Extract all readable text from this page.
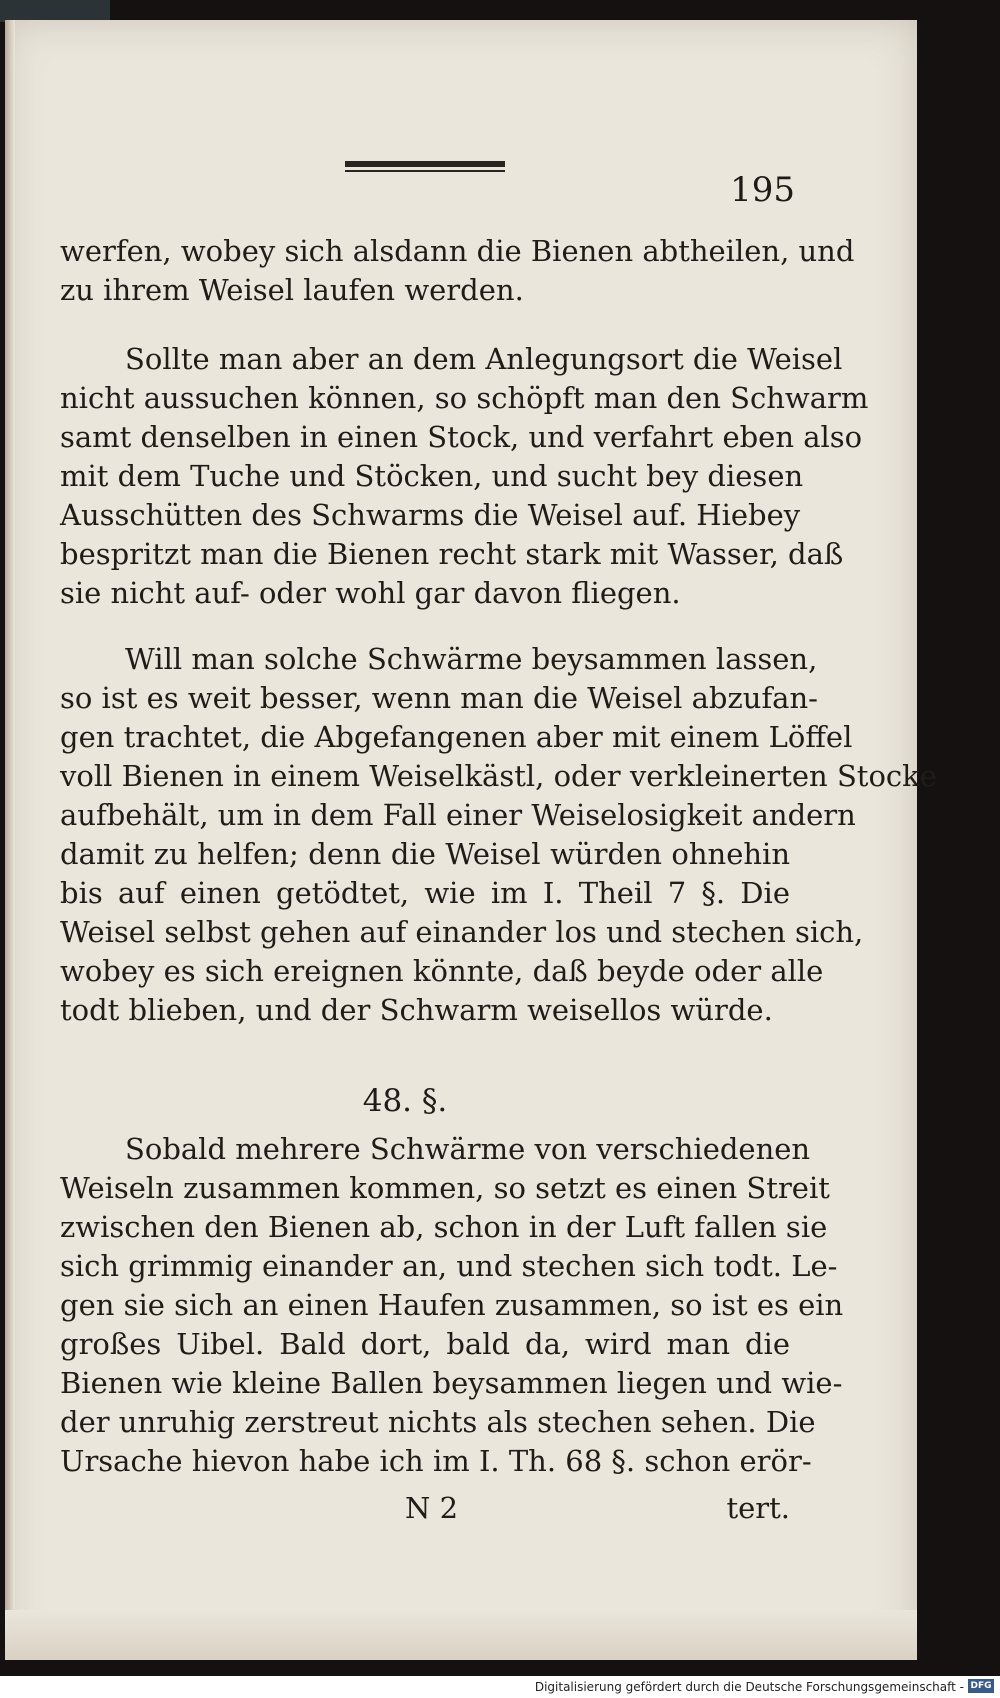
195
werfen, wobey sich alsdann die Bienen abtheilen, und
zu ihrem Weisel laufen werden.
Sollte man aber an dem Anlegungsort die Weisel
nicht aussuchen können, so schöpft man den Schwarm
samt denselben in einen Stock, und verfahrt eben also
mit dem Tuche und Stöcken, und sucht bey diesen
Ausschütten des Schwarms die Weisel auf. Hiebey
bespritzt man die Bienen recht stark mit Wasser, daß
sie nicht auf- oder wohl gar davon fliegen.
Will man solche Schwärme beysammen lassen,
so ist es weit besser, wenn man die Weisel abzufan-
gen trachtet, die Abgefangenen aber mit einem Löffel
voll Bienen in einem Weiselkästl, oder verkleinerten Stocke
aufbehält, um in dem Fall einer Weiselosigkeit andern
damit zu helfen; denn die Weisel würden ohnehin
bis auf einen getödtet, wie im I. Theil 7 §. Die
Weisel selbst gehen auf einander los und stechen sich,
wobey es sich ereignen könnte, daß beyde oder alle
todt blieben, und der Schwarm weisellos würde.
48. §.
Sobald mehrere Schwärme von verschiedenen
Weiseln zusammen kommen, so setzt es einen Streit
zwischen den Bienen ab, schon in der Luft fallen sie
sich grimmig einander an, und stechen sich todt. Le-
gen sie sich an einen Haufen zusammen, so ist es ein
großes Uibel. Bald dort, bald da, wird man die
Bienen wie kleine Ballen beysammen liegen und wie-
der unruhig zerstreut nichts als stechen sehen. Die
Ursache hievon habe ich im I. Th. 68 §. schon erör-
N 2	tert.
Digitalisierung gefördert durch die Deutsche Forschungsgemeinschaft - DFG
